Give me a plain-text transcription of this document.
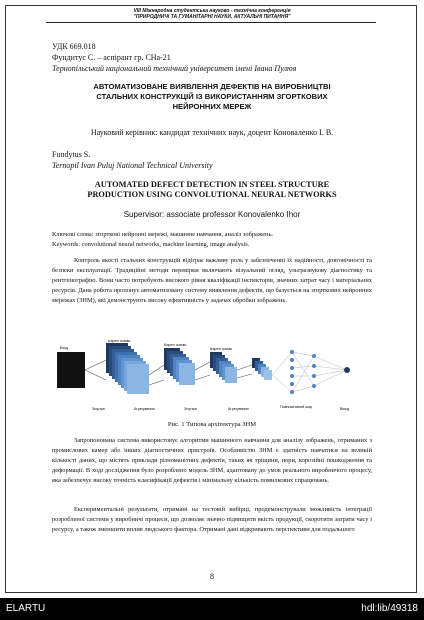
VIII Міжнародна студентська науково - технічна конференція
"ПРИРОДНИЧІ ТА ГУМАНІТАРНІ НАУКИ. АКТУАЛЬНІ ПИТАННЯ"
УДК 669.018
Фундитус С. – аспірант гр. СНа-21
Тернопільський національний технічний університет імені Івана Пулюя
АВТОМАТИЗОВАНЕ ВИЯВЛЕННЯ ДЕФЕКТІВ НА ВИРОБНИЦТВІ
СТАЛЬНИХ КОНСТРУКЦІЙ ІЗ ВИКОРИСТАННЯМ ЗГОРТКОВИХ
НЕЙРОННИХ МЕРЕЖ
Науковий керівник: кандидат технічних наук, доцент Коноваленко І. В.
Fundytus S.
Ternopil Ivan Puluj National Technical University
AUTOMATED DEFECT DETECTION IN STEEL STRUCTURE
PRODUCTION USING CONVOLUTIONAL NEURAL NETWORKS
Supervisor: associate professor Konovalenko Ihor
Ключові слова: згорткові нейронні мережі, машинне навчання, аналіз зображень.
Keywords: convolutional neural networks, machine learning, image analysis.
Контроль якості стальних конструкцій відіграє важливу роль у забезпеченні їх надійності, довговічності та безпеки експлуатації. Традиційні методи перевірки включають візуальний огляд, ультразвукову діагностику та рентгенографію. Вони часто потребують високого рівня кваліфікації інспекторів, значних затрат часу і матеріальних ресурсів. Дана робота пропонує автоматизовану систему виявлення дефектів, що базується на згорткових нейронних мережах (ЗНМ), які демонструють високу ефективність у задачах обробки зображень.
Вхід
Карти ознак
Карти ознак
Карти ознак
Згортка	Агрегування	Згортка	Агрегування	Повнозв'язний шар	Вихід
Рис. 1 Типова архітектура ЗНМ
Запропонована система використовує алгоритми машинного навчання для аналізу зображень, отриманих з промислових камер або інших діагностичних пристроїв. Особливістю ЗНМ є здатність навчатися на великій кількості даних, що містять приклади різноманітних дефектів, таких як тріщини, пори, корозійні пошкодження та деформації. В ході дослідження було розроблено модель ЗНМ, адаптовану до умов реального виробничого процесу, яка забезпечує високу точність класифікації дефектів і мінімальну кількість помилкових спрацювань.
Експериментальні результати, отримані на тестовій вибірці, продемонстрували можливість інтеграції розробленої системи у виробничі процеси, що дозволяє значно підвищити якість продукції, скоротити затрати часу і ресурсу, а також зменшити вплив людського фактора. Отримані дані відкривають перспективи для подальшого
8
ELARTU	hdl:lib/49318
